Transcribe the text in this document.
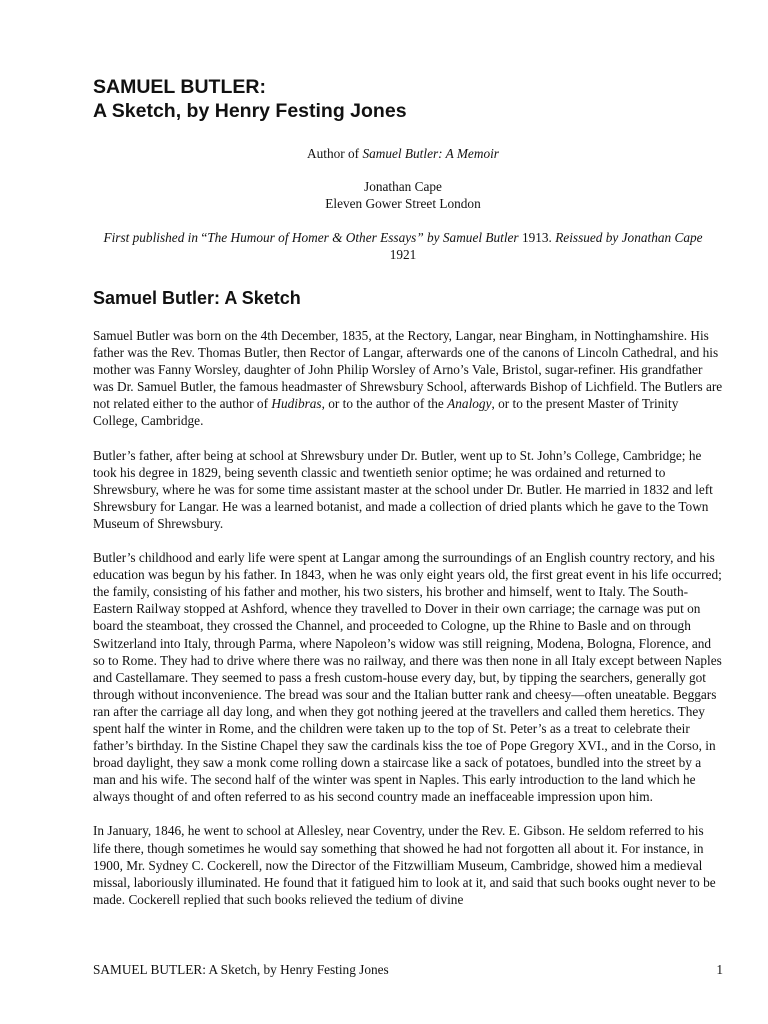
SAMUEL BUTLER:
A Sketch, by Henry Festing Jones

Author of Samuel Butler: A Memoir

Jonathan Cape

Eleven Gower Street London

First published in “The Humour of Homer & Other Essays” by Samuel Butler 1913. Reissued by Jonathan Cape 1921

Samuel Butler: A Sketch

Samuel Butler was born on the 4th December, 1835, at the Rectory, Langar, near Bingham, in Nottinghamshire. His father was the Rev. Thomas Butler, then Rector of Langar, afterwards one of the canons of Lincoln Cathedral, and his mother was Fanny Worsley, daughter of John Philip Worsley of Arno’s Vale, Bristol, sugar-refiner. His grandfather was Dr. Samuel Butler, the famous headmaster of Shrewsbury School, afterwards Bishop of Lichfield. The Butlers are not related either to the author of Hudibras, or to the author of the Analogy, or to the present Master of Trinity College, Cambridge.

Butler’s father, after being at school at Shrewsbury under Dr. Butler, went up to St. John’s College, Cambridge; he took his degree in 1829, being seventh classic and twentieth senior optime; he was ordained and returned to Shrewsbury, where he was for some time assistant master at the school under Dr. Butler. He married in 1832 and left Shrewsbury for Langar. He was a learned botanist, and made a collection of dried plants which he gave to the Town Museum of Shrewsbury.

Butler’s childhood and early life were spent at Langar among the surroundings of an English country rectory, and his education was begun by his father. In 1843, when he was only eight years old, the first great event in his life occurred; the family, consisting of his father and mother, his two sisters, his brother and himself, went to Italy. The South-Eastern Railway stopped at Ashford, whence they travelled to Dover in their own carriage; the carnage was put on board the steamboat, they crossed the Channel, and proceeded to Cologne, up the Rhine to Basle and on through Switzerland into Italy, through Parma, where Napoleon’s widow was still reigning, Modena, Bologna, Florence, and so to Rome. They had to drive where there was no railway, and there was then none in all Italy except between Naples and Castellamare. They seemed to pass a fresh custom-house every day, but, by tipping the searchers, generally got through without inconvenience. The bread was sour and the Italian butter rank and cheesy—often uneatable. Beggars ran after the carriage all day long, and when they got nothing jeered at the travellers and called them heretics. They spent half the winter in Rome, and the children were taken up to the top of St. Peter’s as a treat to celebrate their father’s birthday. In the Sistine Chapel they saw the cardinals kiss the toe of Pope Gregory XVI., and in the Corso, in broad daylight, they saw a monk come rolling down a staircase like a sack of potatoes, bundled into the street by a man and his wife. The second half of the winter was spent in Naples. This early introduction to the land which he always thought of and often referred to as his second country made an ineffaceable impression upon him.

In January, 1846, he went to school at Allesley, near Coventry, under the Rev. E. Gibson. He seldom referred to his life there, though sometimes he would say something that showed he had not forgotten all about it. For instance, in 1900, Mr. Sydney C. Cockerell, now the Director of the Fitzwilliam Museum, Cambridge, showed him a medieval missal, laboriously illuminated. He found that it fatigued him to look at it, and said that such books ought never to be made. Cockerell replied that such books relieved the tedium of divine

SAMUEL BUTLER: A Sketch, by Henry Festing Jones	1
